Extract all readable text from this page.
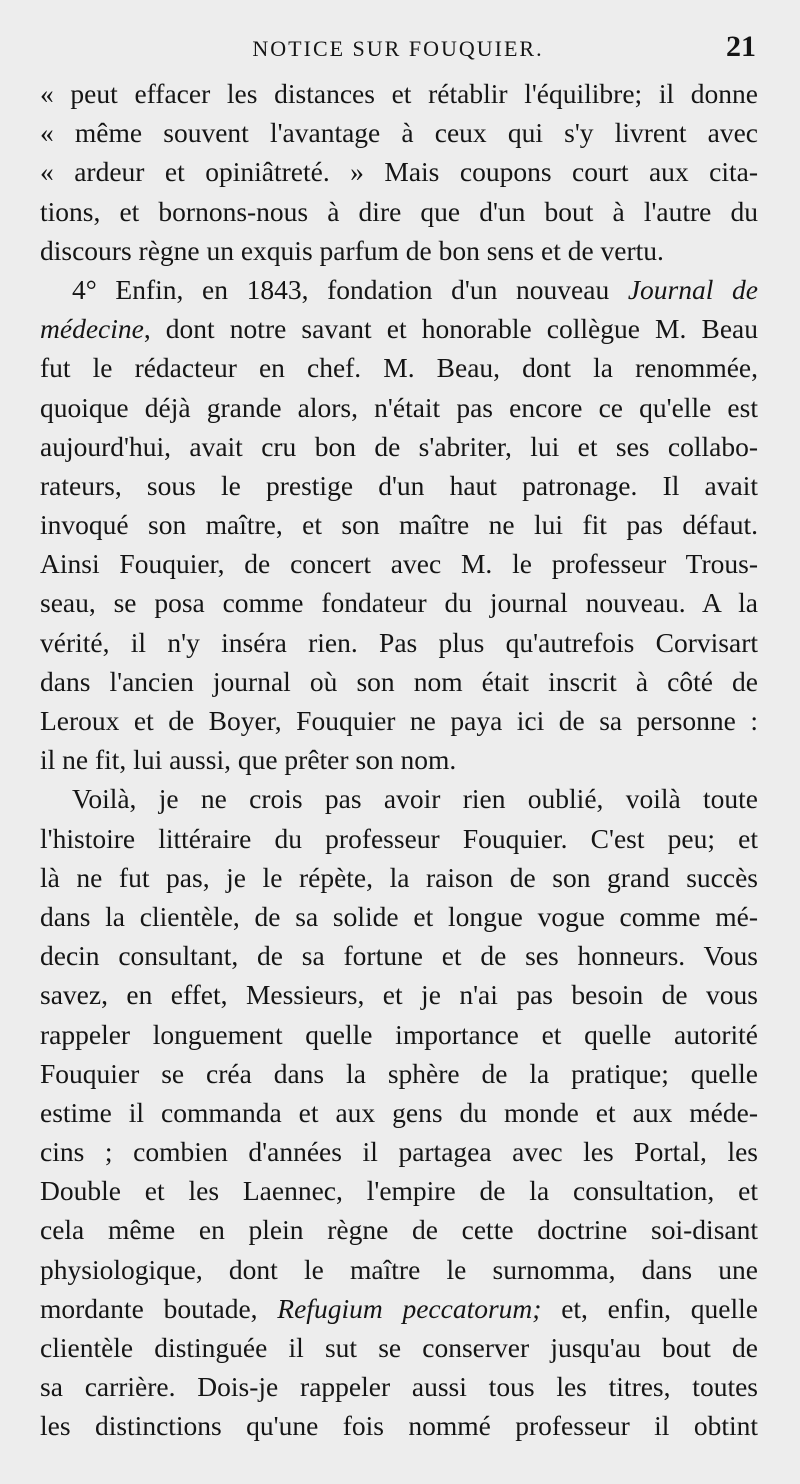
NOTICE SUR FOUQUIER.	21
« peut effacer les distances et rétablir l'équilibre; il donne
« même souvent l'avantage à ceux qui s'y livrent avec
« ardeur et opiniâtreté. » Mais coupons court aux cita-
tions, et bornons-nous à dire que d'un bout à l'autre du
discours règne un exquis parfum de bon sens et de vertu.
4° Enfin, en 1843, fondation d'un nouveau Journal de
médecine, dont notre savant et honorable collègue M. Beau
fut le rédacteur en chef. M. Beau, dont la renommée,
quoique déjà grande alors, n'était pas encore ce qu'elle est
aujourd'hui, avait cru bon de s'abriter, lui et ses collabo-
rateurs, sous le prestige d'un haut patronage. Il avait
invoqué son maître, et son maître ne lui fit pas défaut.
Ainsi Fouquier, de concert avec M. le professeur Trous-
seau, se posa comme fondateur du journal nouveau. A la
vérité, il n'y inséra rien. Pas plus qu'autrefois Corvisart
dans l'ancien journal où son nom était inscrit à côté de
Leroux et de Boyer, Fouquier ne paya ici de sa personne :
il ne fit, lui aussi, que prêter son nom.
Voilà, je ne crois pas avoir rien oublié, voilà toute
l'histoire littéraire du professeur Fouquier. C'est peu; et
là ne fut pas, je le répète, la raison de son grand succès
dans la clientèle, de sa solide et longue vogue comme mé-
decin consultant, de sa fortune et de ses honneurs. Vous
savez, en effet, Messieurs, et je n'ai pas besoin de vous
rappeler longuement quelle importance et quelle autorité
Fouquier se créa dans la sphère de la pratique; quelle
estime il commanda et aux gens du monde et aux méde-
cins ; combien d'années il partagea avec les Portal, les
Double et les Laennec, l'empire de la consultation, et
cela même en plein règne de cette doctrine soi-disant
physiologique, dont le maître le surnomma, dans une
mordante boutade, Refugium peccatorum; et, enfin, quelle
clientèle distinguée il sut se conserver jusqu'au bout de
sa carrière. Dois-je rappeler aussi tous les titres, toutes
les distinctions qu'une fois nommé professeur il obtint
